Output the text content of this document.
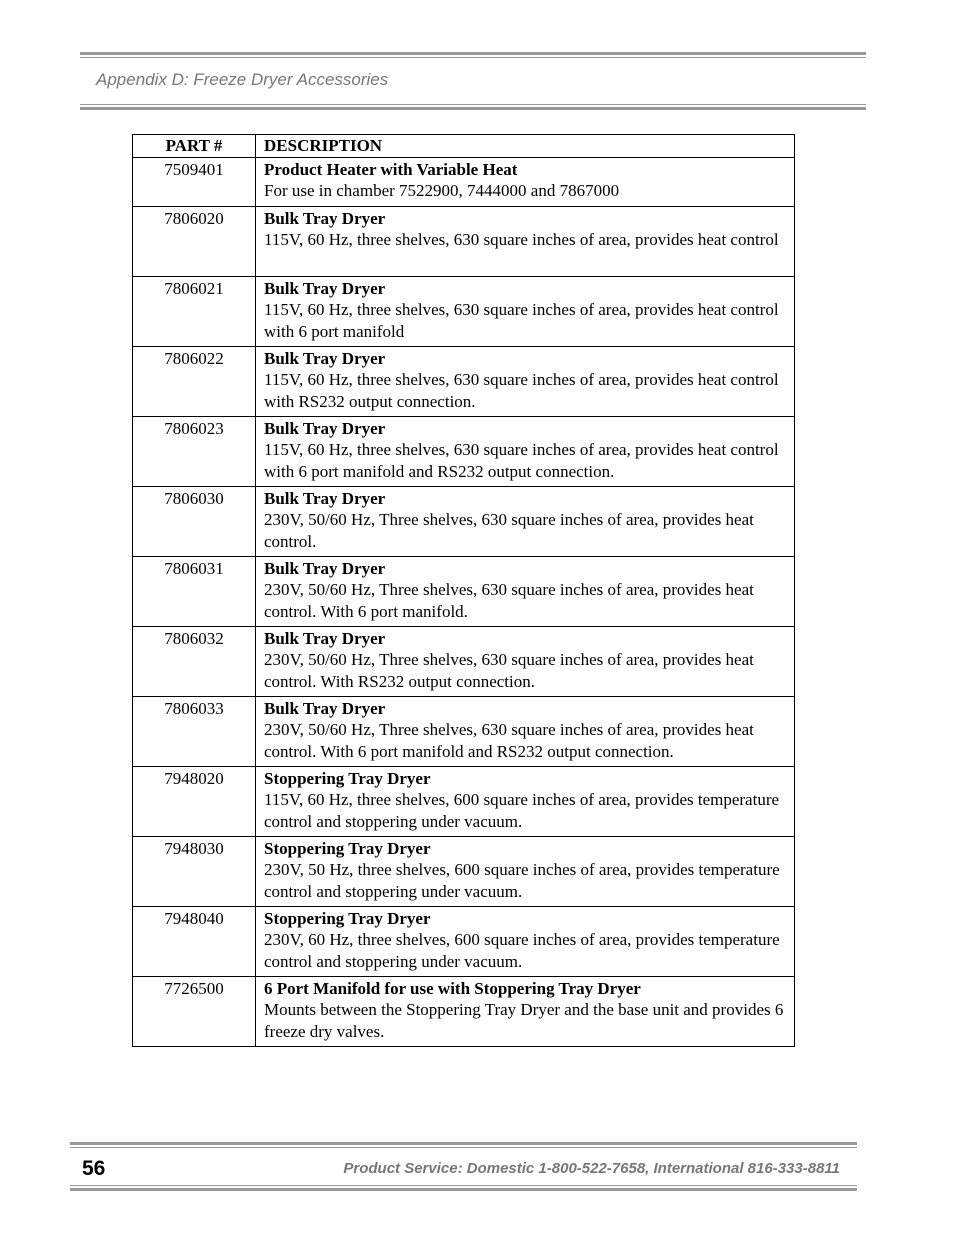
Appendix D: Freeze Dryer Accessories
PART #	DESCRIPTION
7509401	Product Heater with Variable Heat
For use in chamber 7522900, 7444000 and 7867000
7806020	Bulk Tray Dryer
115V, 60 Hz, three shelves, 630 square inches of area, provides heat control
7806021	Bulk Tray Dryer
115V, 60 Hz, three shelves, 630 square inches of area, provides heat control with 6 port manifold
7806022	Bulk Tray Dryer
115V, 60 Hz, three shelves, 630 square inches of area, provides heat control with RS232 output connection.
7806023	Bulk Tray Dryer
115V, 60 Hz, three shelves, 630 square inches of area, provides heat control with 6 port manifold and RS232 output connection.
7806030	Bulk Tray Dryer
230V, 50/60 Hz, Three shelves, 630 square inches of area, provides heat control.
7806031	Bulk Tray Dryer
230V, 50/60 Hz, Three shelves, 630 square inches of area, provides heat control. With 6 port manifold.
7806032	Bulk Tray Dryer
230V, 50/60 Hz, Three shelves, 630 square inches of area, provides heat control. With RS232 output connection.
7806033	Bulk Tray Dryer
230V, 50/60 Hz, Three shelves, 630 square inches of area, provides heat control. With 6 port manifold and RS232 output connection.
7948020	Stoppering Tray Dryer
115V, 60 Hz, three shelves, 600 square inches of area, provides temperature control and stoppering under vacuum.
7948030	Stoppering Tray Dryer
230V, 50 Hz, three shelves, 600 square inches of area, provides temperature control and stoppering under vacuum.
7948040	Stoppering Tray Dryer
230V, 60 Hz, three shelves, 600 square inches of area, provides temperature control and stoppering under vacuum.
7726500	6 Port Manifold for use with Stoppering Tray Dryer
Mounts between the Stoppering Tray Dryer and the base unit and provides 6 freeze dry valves.
56	Product Service: Domestic 1-800-522-7658, International 816-333-8811
